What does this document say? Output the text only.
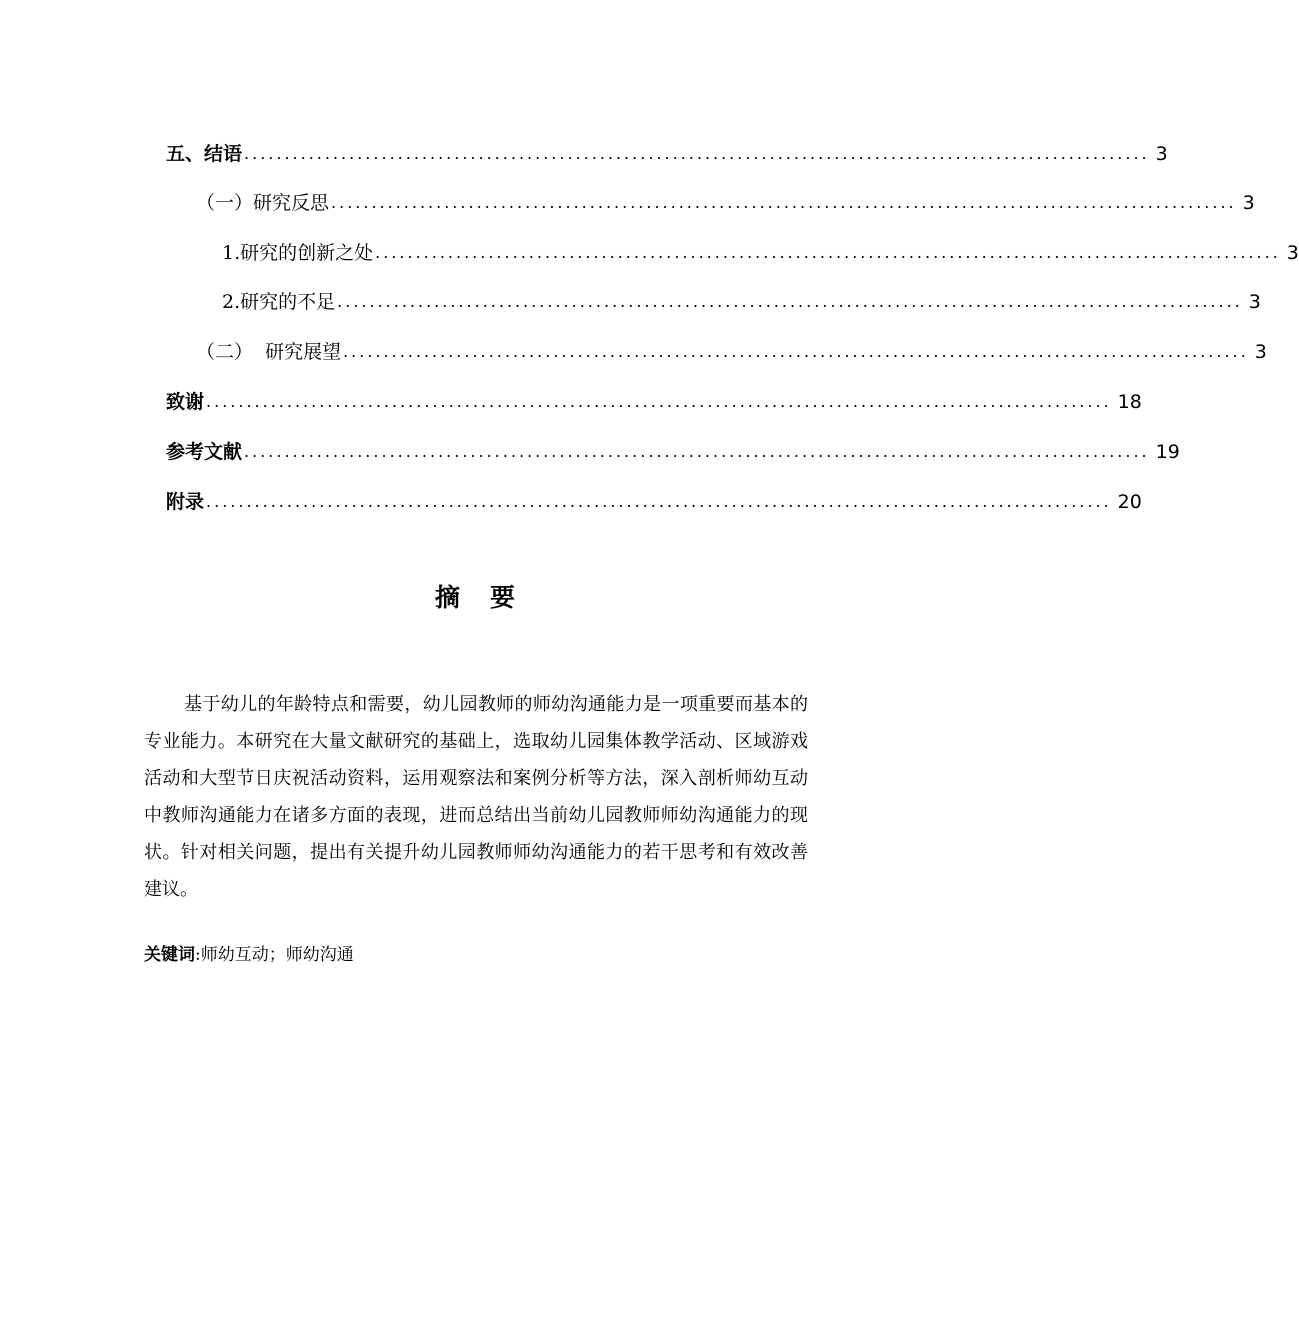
五、结语 ................................................................................................................ 3
（一）研究反思 ................................................................................................................ 3
1.研究的创新之处 ................................................................................................................ 3
2.研究的不足 ................................................................................................................ 3
（二）  研究展望 ................................................................................................................ 3
致谢 ................................................................................................................ 18
参考文献 ................................................................................................................ 19
附录 ................................................................................................................ 20
摘要

基于幼儿的年龄特点和需要，幼儿园教师的师幼沟通能力是一项重要而基本的专业能力。本研究在大量文献研究的基础上，选取幼儿园集体教学活动、区域游戏活动和大型节日庆祝活动资料，运用观察法和案例分析等方法，深入剖析师幼互动中教师沟通能力在诸多方面的表现，进而总结出当前幼儿园教师师幼沟通能力的现状。针对相关问题，提出有关提升幼儿园教师师幼沟通能力的若干思考和有效改善建议。

关键词:师幼互动；师幼沟通
